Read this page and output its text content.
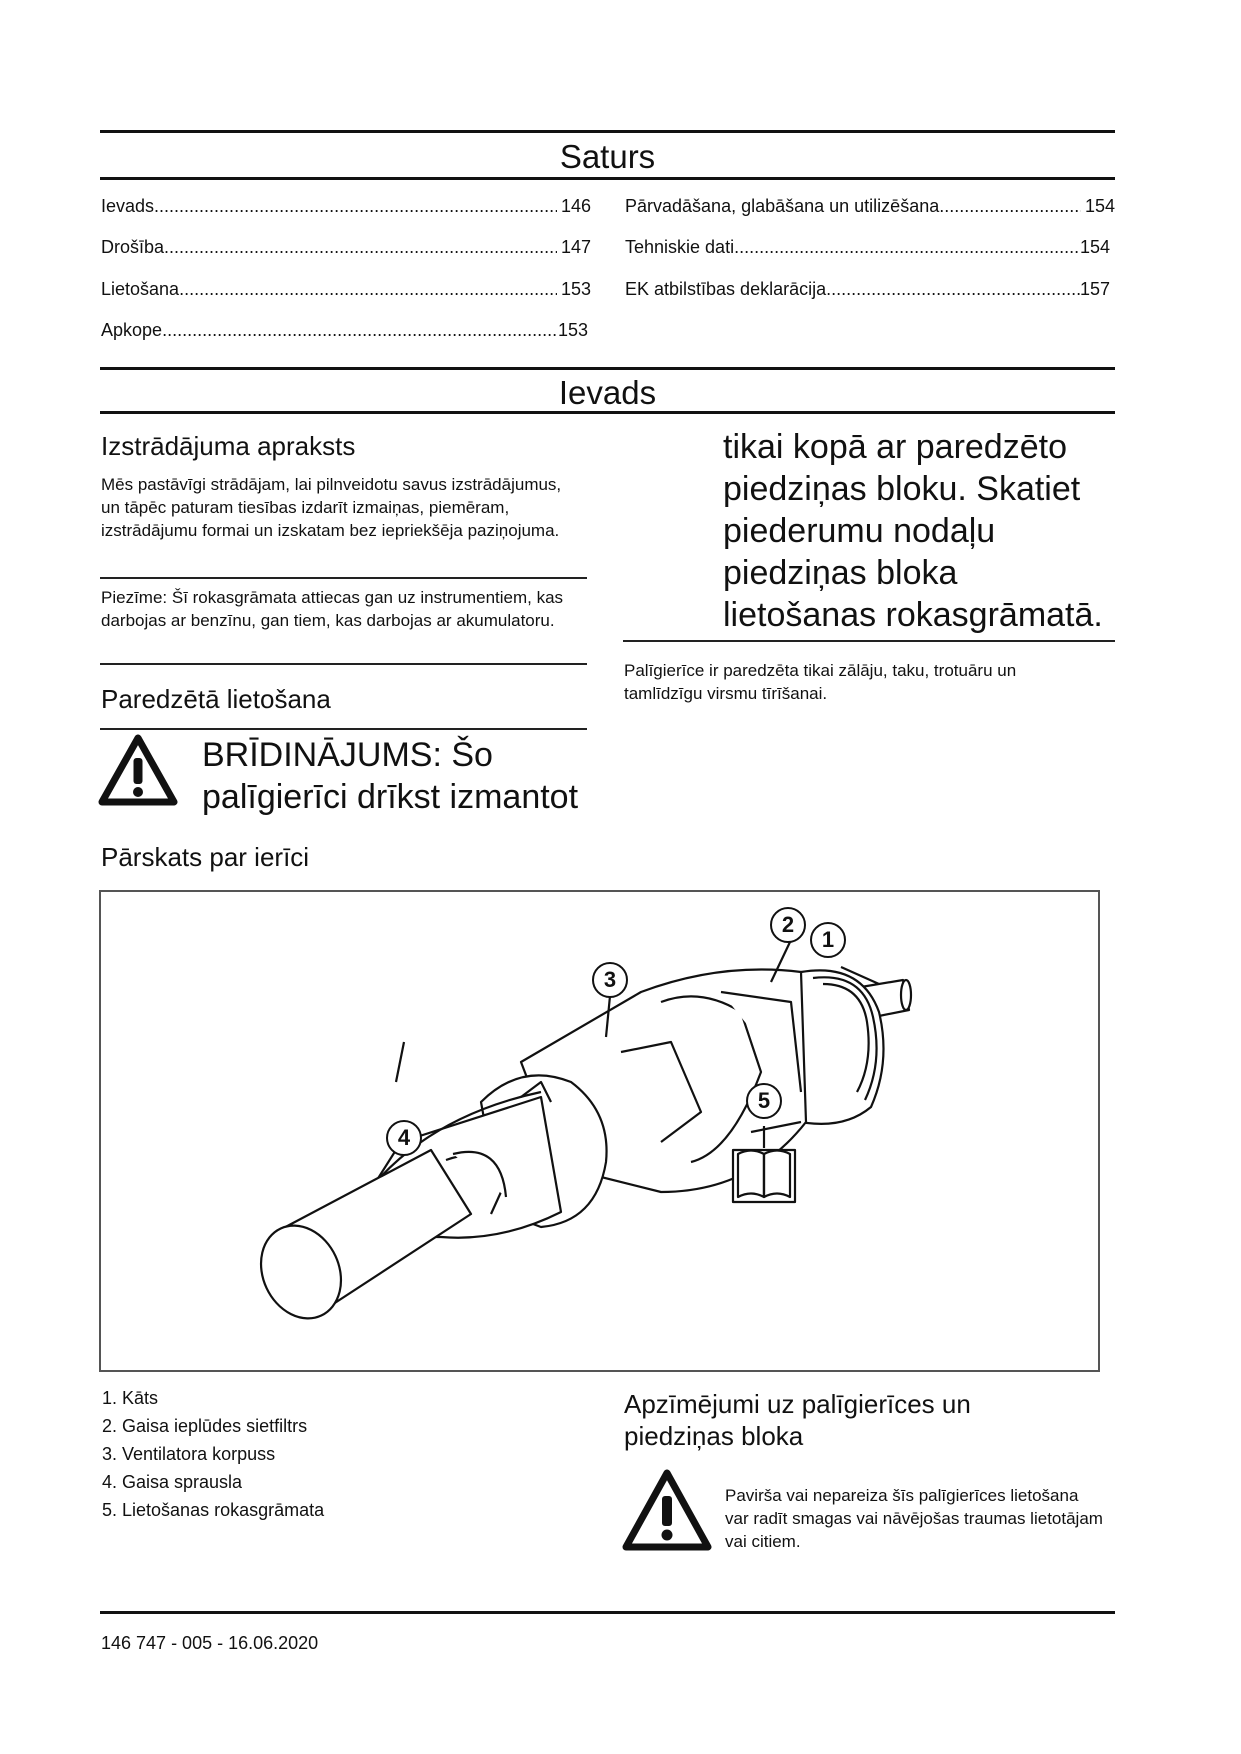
Saturs
Ievads .....	146
Drošība .....	147
Lietošana .....	153
Apkope .....	153
Pārvadāšana, glabāšana un utilizēšana .....	154
Tehniskie dati .....	154
EK atbilstības deklarācija .....	157
Ievads
Izstrādājuma apraksts
Mēs pastāvīgi strādājam, lai pilnveidotu savus izstrādājumus, un tāpēc paturam tiesības izdarīt izmaiņas, piemēram, izstrādājumu formai un izskatam bez iepriekšēja paziņojuma.
Piezīme: Šī rokasgrāmata attiecas gan uz instrumentiem, kas darbojas ar benzīnu, gan tiem, kas darbojas ar akumulatoru.
Paredzētā lietošana
BRĪDINĀJUMS: Šo palīgierīci drīkst izmantot
tikai kopā ar paredzēto piedziņas bloku. Skatiet piederumu nodaļu piedziņas bloka lietošanas rokasgrāmatā.
Palīgierīce ir paredzēta tikai zālāju, taku, trotuāru un tamlīdzīgu virsmu tīrīšanai.
Pārskats par ierīci
2
1
3
4
5
1. Kāts
2. Gaisa ieplūdes sietfiltrs
3. Ventilatora korpuss
4. Gaisa sprausla
5. Lietošanas rokasgrāmata
Apzīmējumi uz palīgierīces un piedziņas bloka
Pavirša vai nepareiza šīs palīgierīces lietošana var radīt smagas vai nāvējošas traumas lietotājam vai citiem.
146 747 - 005 - 16.06.2020
